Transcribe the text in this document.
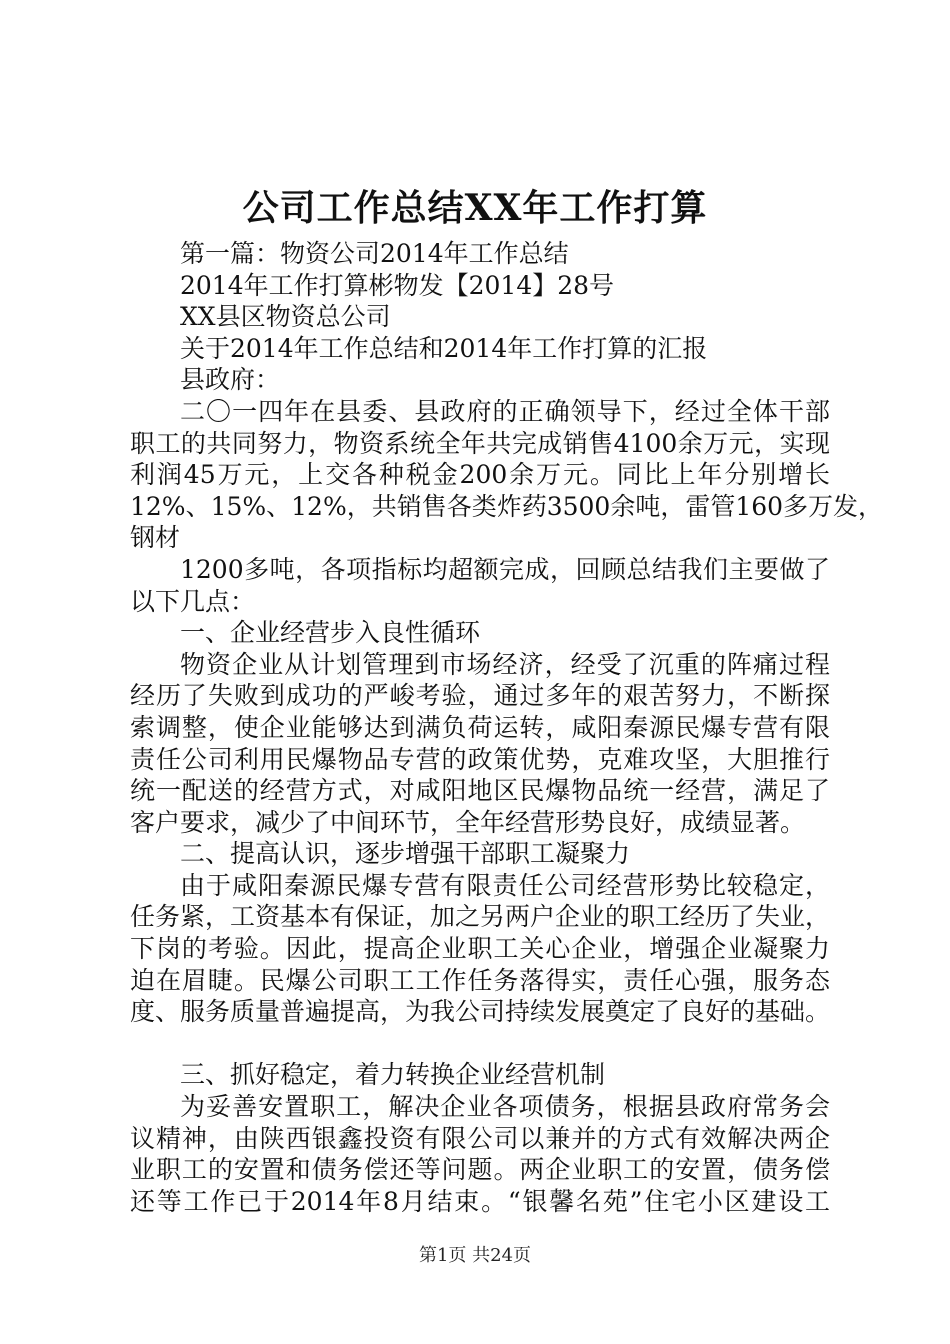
公司工作总结XX年工作打算
第一篇：物资公司2014年工作总结
2014年工作打算彬物发【2014】28号
XX县区物资总公司
关于2014年工作总结和2014年工作打算的汇报
县政府：
二〇一四年在县委、县政府的正确领导下，经过全体干部
职工的共同努力，物资系统全年共完成销售4100余万元，实现
利润45万元，上交各种税金200余万元。同比上年分别增长
12%、15%、12%，共销售各类炸药3500余吨，雷管160多万发，
钢材
1200多吨，各项指标均超额完成，回顾总结我们主要做了
以下几点：
一、企业经营步入良性循环
物资企业从计划管理到市场经济，经受了沉重的阵痛过程
经历了失败到成功的严峻考验，通过多年的艰苦努力，不断探
索调整，使企业能够达到满负荷运转，咸阳秦源民爆专营有限
责任公司利用民爆物品专营的政策优势，克难攻坚，大胆推行
统一配送的经营方式，对咸阳地区民爆物品统一经营，满足了
客户要求，减少了中间环节，全年经营形势良好，成绩显著。
二、提高认识，逐步增强干部职工凝聚力
由于咸阳秦源民爆专营有限责任公司经营形势比较稳定，
任务紧，工资基本有保证，加之另两户企业的职工经历了失业，
下岗的考验。因此，提高企业职工关心企业，增强企业凝聚力
迫在眉睫。民爆公司职工工作任务落得实，责任心强，服务态
度、服务质量普遍提高，为我公司持续发展奠定了良好的基础。
三、抓好稳定，着力转换企业经营机制
为妥善安置职工，解决企业各项债务，根据县政府常务会
议精神，由陕西银鑫投资有限公司以兼并的方式有效解决两企
业职工的安置和债务偿还等问题。两企业职工的安置，债务偿
还等工作已于2014年8月结束。“银馨名苑”住宅小区建设工
第1页 共24页
